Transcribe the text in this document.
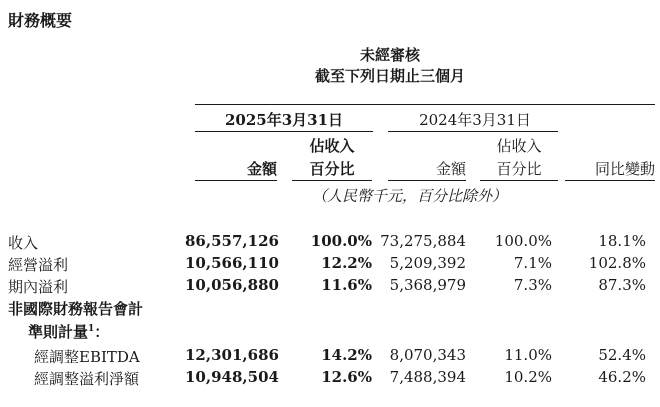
財務概要
未經審核
截至下列日期止三個月
2025年3月31日	2024年3月31日
佔收入	佔收入
金額	百分比	金額	百分比	同比變動
（人民幣千元，百分比除外）
收入	86,557,126	100.0% 73,275,884	100.0%	18.1%
經營溢利	10,566,110	12.2%	5,209,392	7.1%	102.8%
期內溢利	10,056,880	11.6%	5,368,979	7.3%	87.3%
非國際財務報告會計
準則計量$^1$：
經調整EBITDA	12,301,686	14.2%	8,070,343	11.0%	52.4%
經調整溢利淨額	10,948,504	12.6%	7,488,394	10.2%	46.2%
